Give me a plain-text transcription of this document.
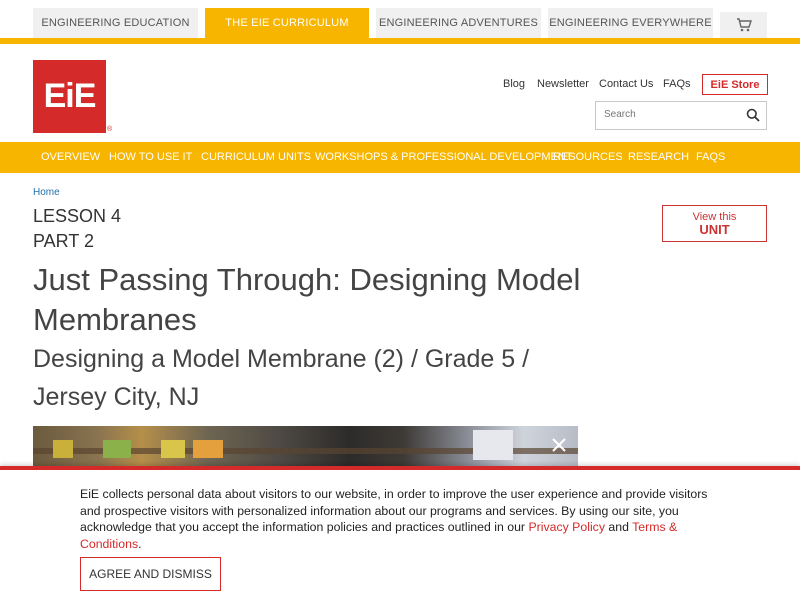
ENGINEERING EDUCATION	THE EIE CURRICULUM	ENGINEERING ADVENTURES ENGINEERING EVERYWHERE
EiE
®
Blog Newsletter Contact Us FAQs	EiE Store
Search
OVERVIEW HOW TO USE IT CURRICULUM UNITS WORKSHOPS & PROFESSIONAL DEVELOPMENT
RESOURCES RESEARCH FAQS
Home
LESSON 4
PART 2
Just Passing Through: Designing Model Membranes
Designing a Model Membrane (2) / Grade 5 / Jersey City, NJ
View this
UNIT

EiE collects personal data about visitors to our website, in order to improve the user experience and provide visitors and prospective visitors with personalized information about our programs and services. By using our site, you acknowledge that you accept the information policies and practices outlined in our Privacy Policy and Terms & Conditions.

AGREE AND DISMISS
